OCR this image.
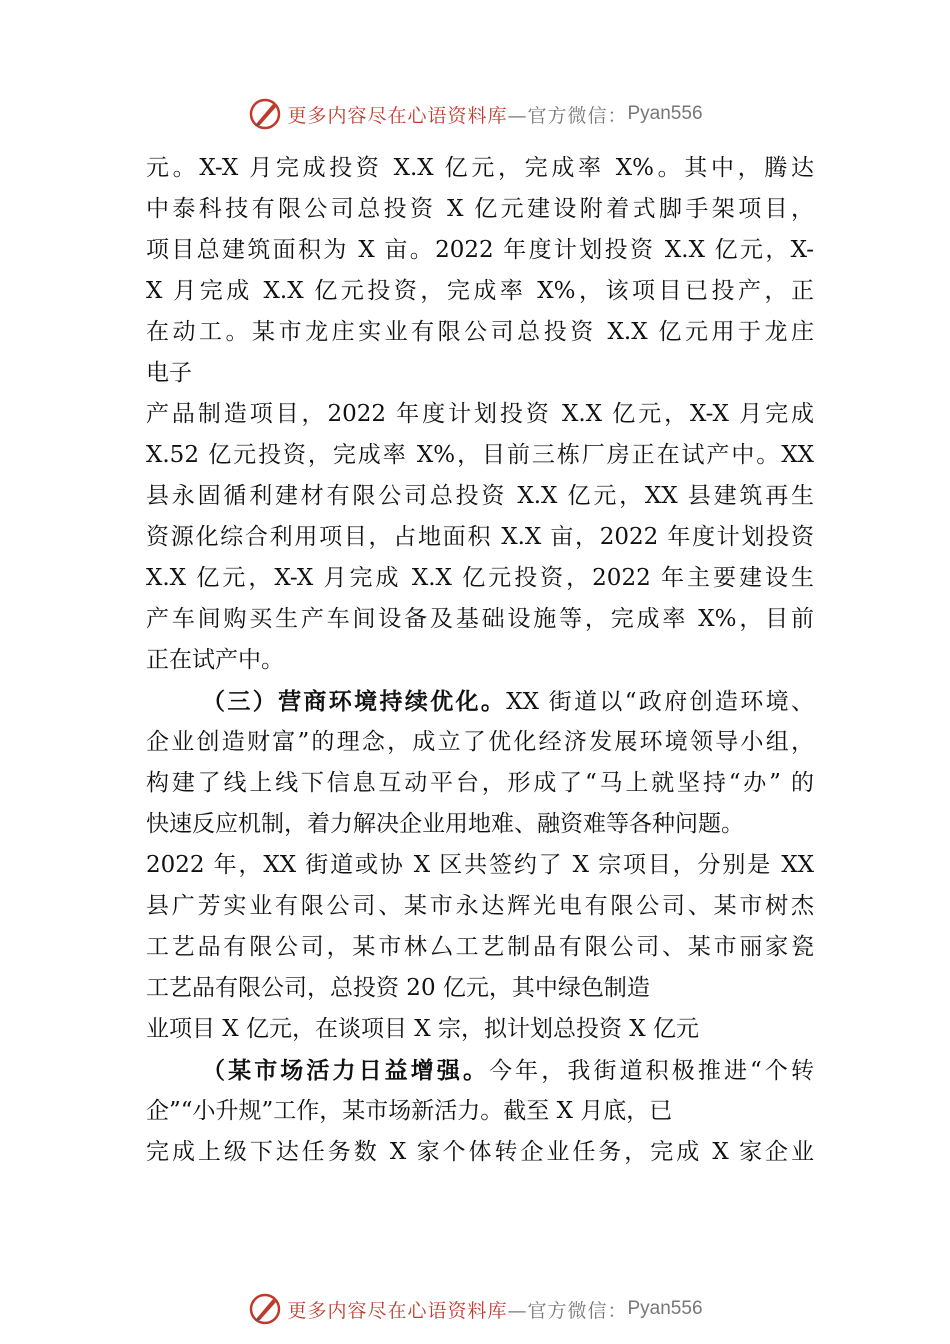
更多内容尽在心语资料库 —官方微信： Pyan556
元。X-X 月完成投资 X.X 亿元，完成率 X%。其中，腾达
中泰科技有限公司总投资 X 亿元建设附着式脚手架项目，
项目总建筑面积为 X 亩。2022 年度计划投资 X.X 亿元，X-
X 月完成 X.X 亿元投资，完成率 X%，该项目已投产，正
在动工。某市龙庄实业有限公司总投资 X.X 亿元用于龙庄
电子
产品制造项目，2022 年度计划投资 X.X 亿元，X-X 月完成
X.52 亿元投资，完成率 X%，目前三栋厂房正在试产中。XX
县永固循利建材有限公司总投资 X.X 亿元，XX 县建筑再生
资源化综合利用项目，占地面积 X.X 亩，2022 年度计划投资
X.X 亿元，X-X 月完成 X.X 亿元投资，2022 年主要建设生
产车间购买生产车间设备及基础设施等，完成率 X%，目前
正在试产中。
（三）营商环境持续优化。XX 街道以“政府创造环境、
企业创造财富”的理念，成立了优化经济发展环境领导小组，
构建了线上线下信息互动平台，形成了“马上就坚持“办” 的
快速反应机制，着力解决企业用地难、融资难等各种问题。
2022 年，XX 街道或协 X 区共签约了 X 宗项目，分别是 XX
县广芳实业有限公司、某市永达辉光电有限公司、某市树杰
工艺品有限公司，某市林厶工艺制品有限公司、某市丽家瓷
工艺品有限公司，总投资 20 亿元，其中绿色制造
业项目 X 亿元，在谈项目 X 宗，拟计划总投资 X 亿元
（某市场活力日益增强。今年，我街道积极推进“个转
企”“小升规”工作，某市场新活力。截至 X 月底，已
完成上级下达任务数 X 家个体转企业任务，完成 X 家企业
更多内容尽在心语资料库 —官方微信： Pyan556
